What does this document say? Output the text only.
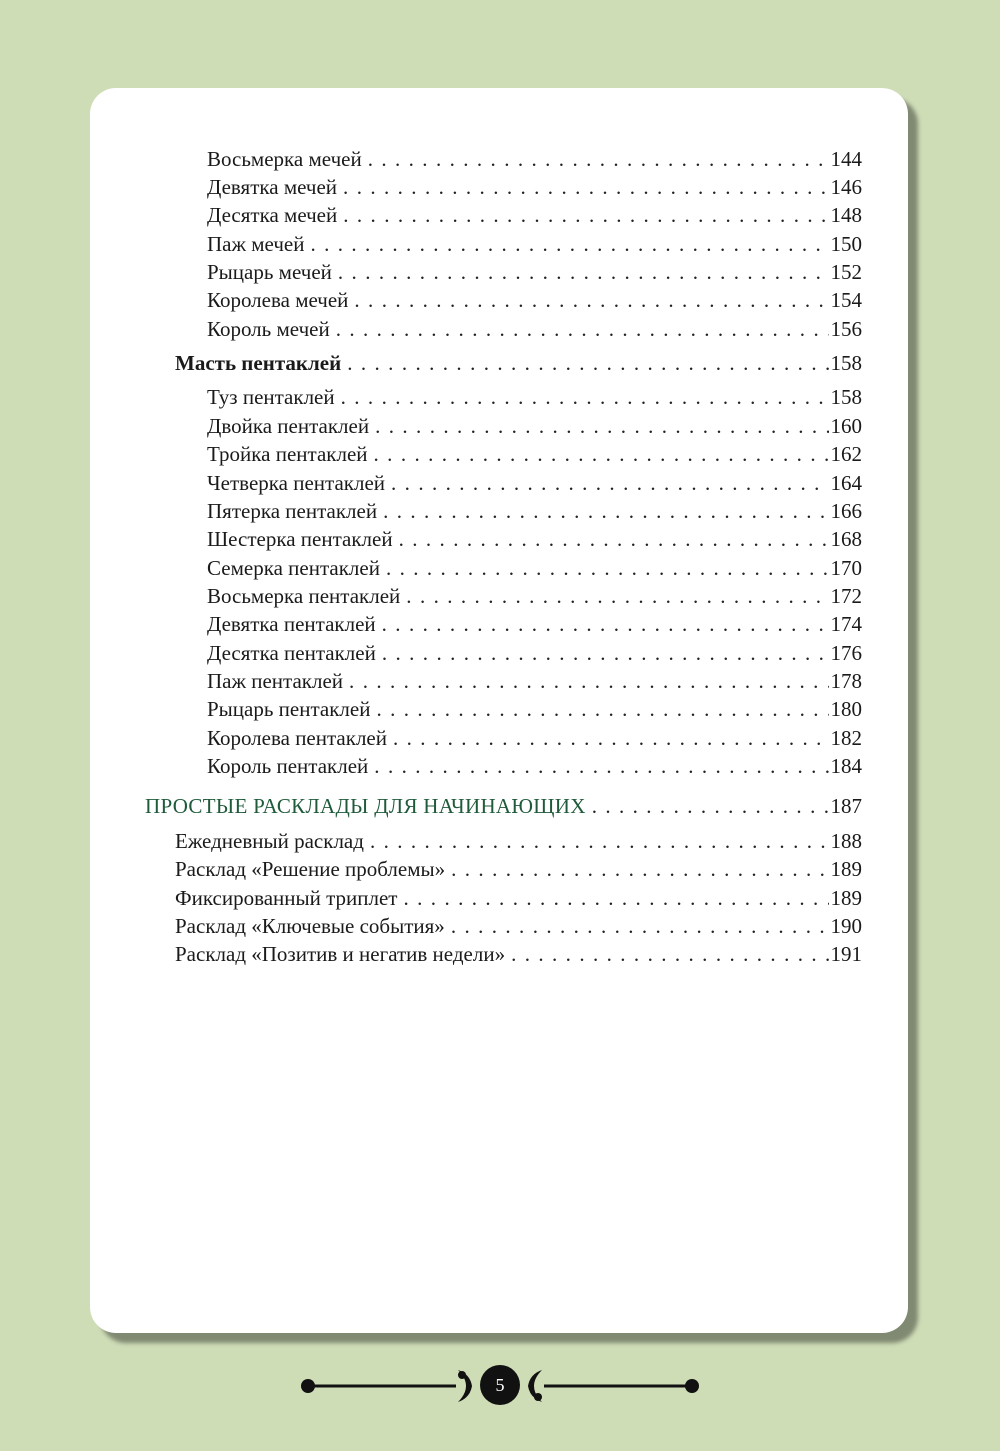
Восьмерка мечей . . .	144
Девятка мечей . . .	146
Десятка мечей . . .	148
Паж мечей . . .	150
Рыцарь мечей . . .	152
Королева мечей . . .	154
Король мечей . . .	156
Масть пентаклей . . .	158
Туз пентаклей . . .	158
Двойка пентаклей . . .	160
Тройка пентаклей . . .	162
Четверка пентаклей . . .	164
Пятерка пентаклей . . .	166
Шестерка пентаклей . . .	168
Семерка пентаклей . . .	170
Восьмерка пентаклей . . .	172
Девятка пентаклей . . .	174
Десятка пентаклей . . .	176
Паж пентаклей . . .	178
Рыцарь пентаклей . . .	180
Королева пентаклей . . .	182
Король пентаклей . . .	184
ПРОСТЫЕ РАСКЛАДЫ ДЛЯ НАЧИНАЮЩИХ . . .	187
Ежедневный расклад . . .	188
Расклад «Решение проблемы» . . .	189
Фиксированный триплет . . .	189
Расклад «Ключевые события» . . .	190
Расклад «Позитив и негатив недели» . . .	191
5
